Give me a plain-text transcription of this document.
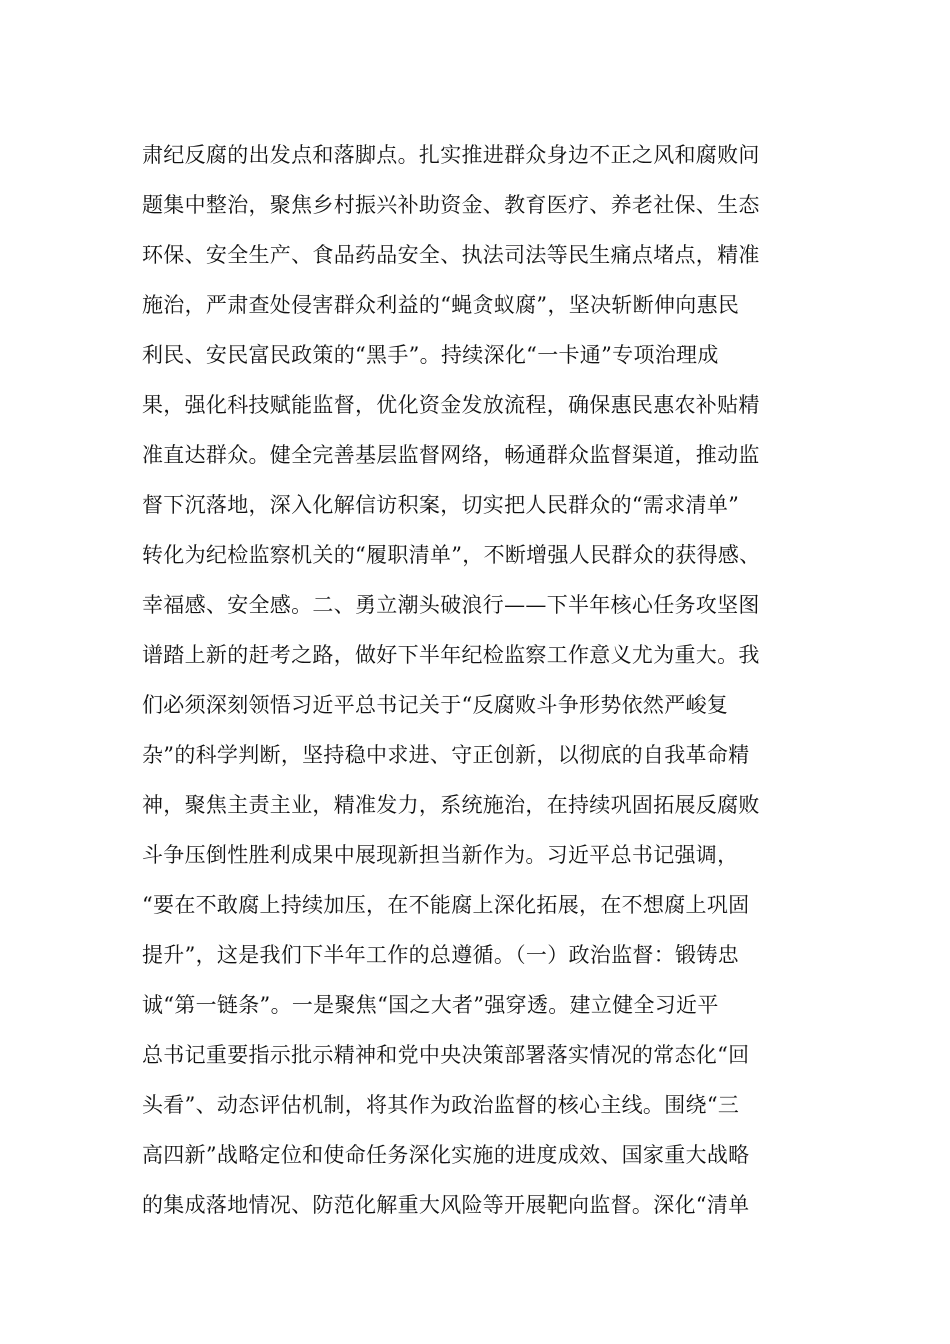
肃纪反腐的出发点和落脚点。扎实推进群众身边不正之风和腐败问
题集中整治，聚焦乡村振兴补助资金、教育医疗、养老社保、生态
环保、安全生产、食品药品安全、执法司法等民生痛点堵点，精准
施治，严肃查处侵害群众利益的“蝇贪蚁腐”，坚决斩断伸向惠民
利民、安民富民政策的“黑手”。持续深化“一卡通”专项治理成
果，强化科技赋能监督，优化资金发放流程，确保惠民惠农补贴精
准直达群众。健全完善基层监督网络，畅通群众监督渠道，推动监
督下沉落地，深入化解信访积案，切实把人民群众的“需求清单”
转化为纪检监察机关的“履职清单”，不断增强人民群众的获得感、
幸福感、安全感。二、勇立潮头破浪行——下半年核心任务攻坚图
谱踏上新的赶考之路，做好下半年纪检监察工作意义尤为重大。我
们必须深刻领悟习近平总书记关于“反腐败斗争形势依然严峻复
杂”的科学判断，坚持稳中求进、守正创新，以彻底的自我革命精
神，聚焦主责主业，精准发力，系统施治，在持续巩固拓展反腐败
斗争压倒性胜利成果中展现新担当新作为。习近平总书记强调，
“要在不敢腐上持续加压，在不能腐上深化拓展，在不想腐上巩固
提升”，这是我们下半年工作的总遵循。（一）政治监督：锻铸忠
诚“第一链条”。一是聚焦“国之大者”强穿透。建立健全习近平
总书记重要指示批示精神和党中央决策部署落实情况的常态化“回
头看”、动态评估机制，将其作为政治监督的核心主线。围绕“三
高四新”战略定位和使命任务深化实施的进度成效、国家重大战略
的集成落地情况、防范化解重大风险等开展靶向监督。深化“清单
